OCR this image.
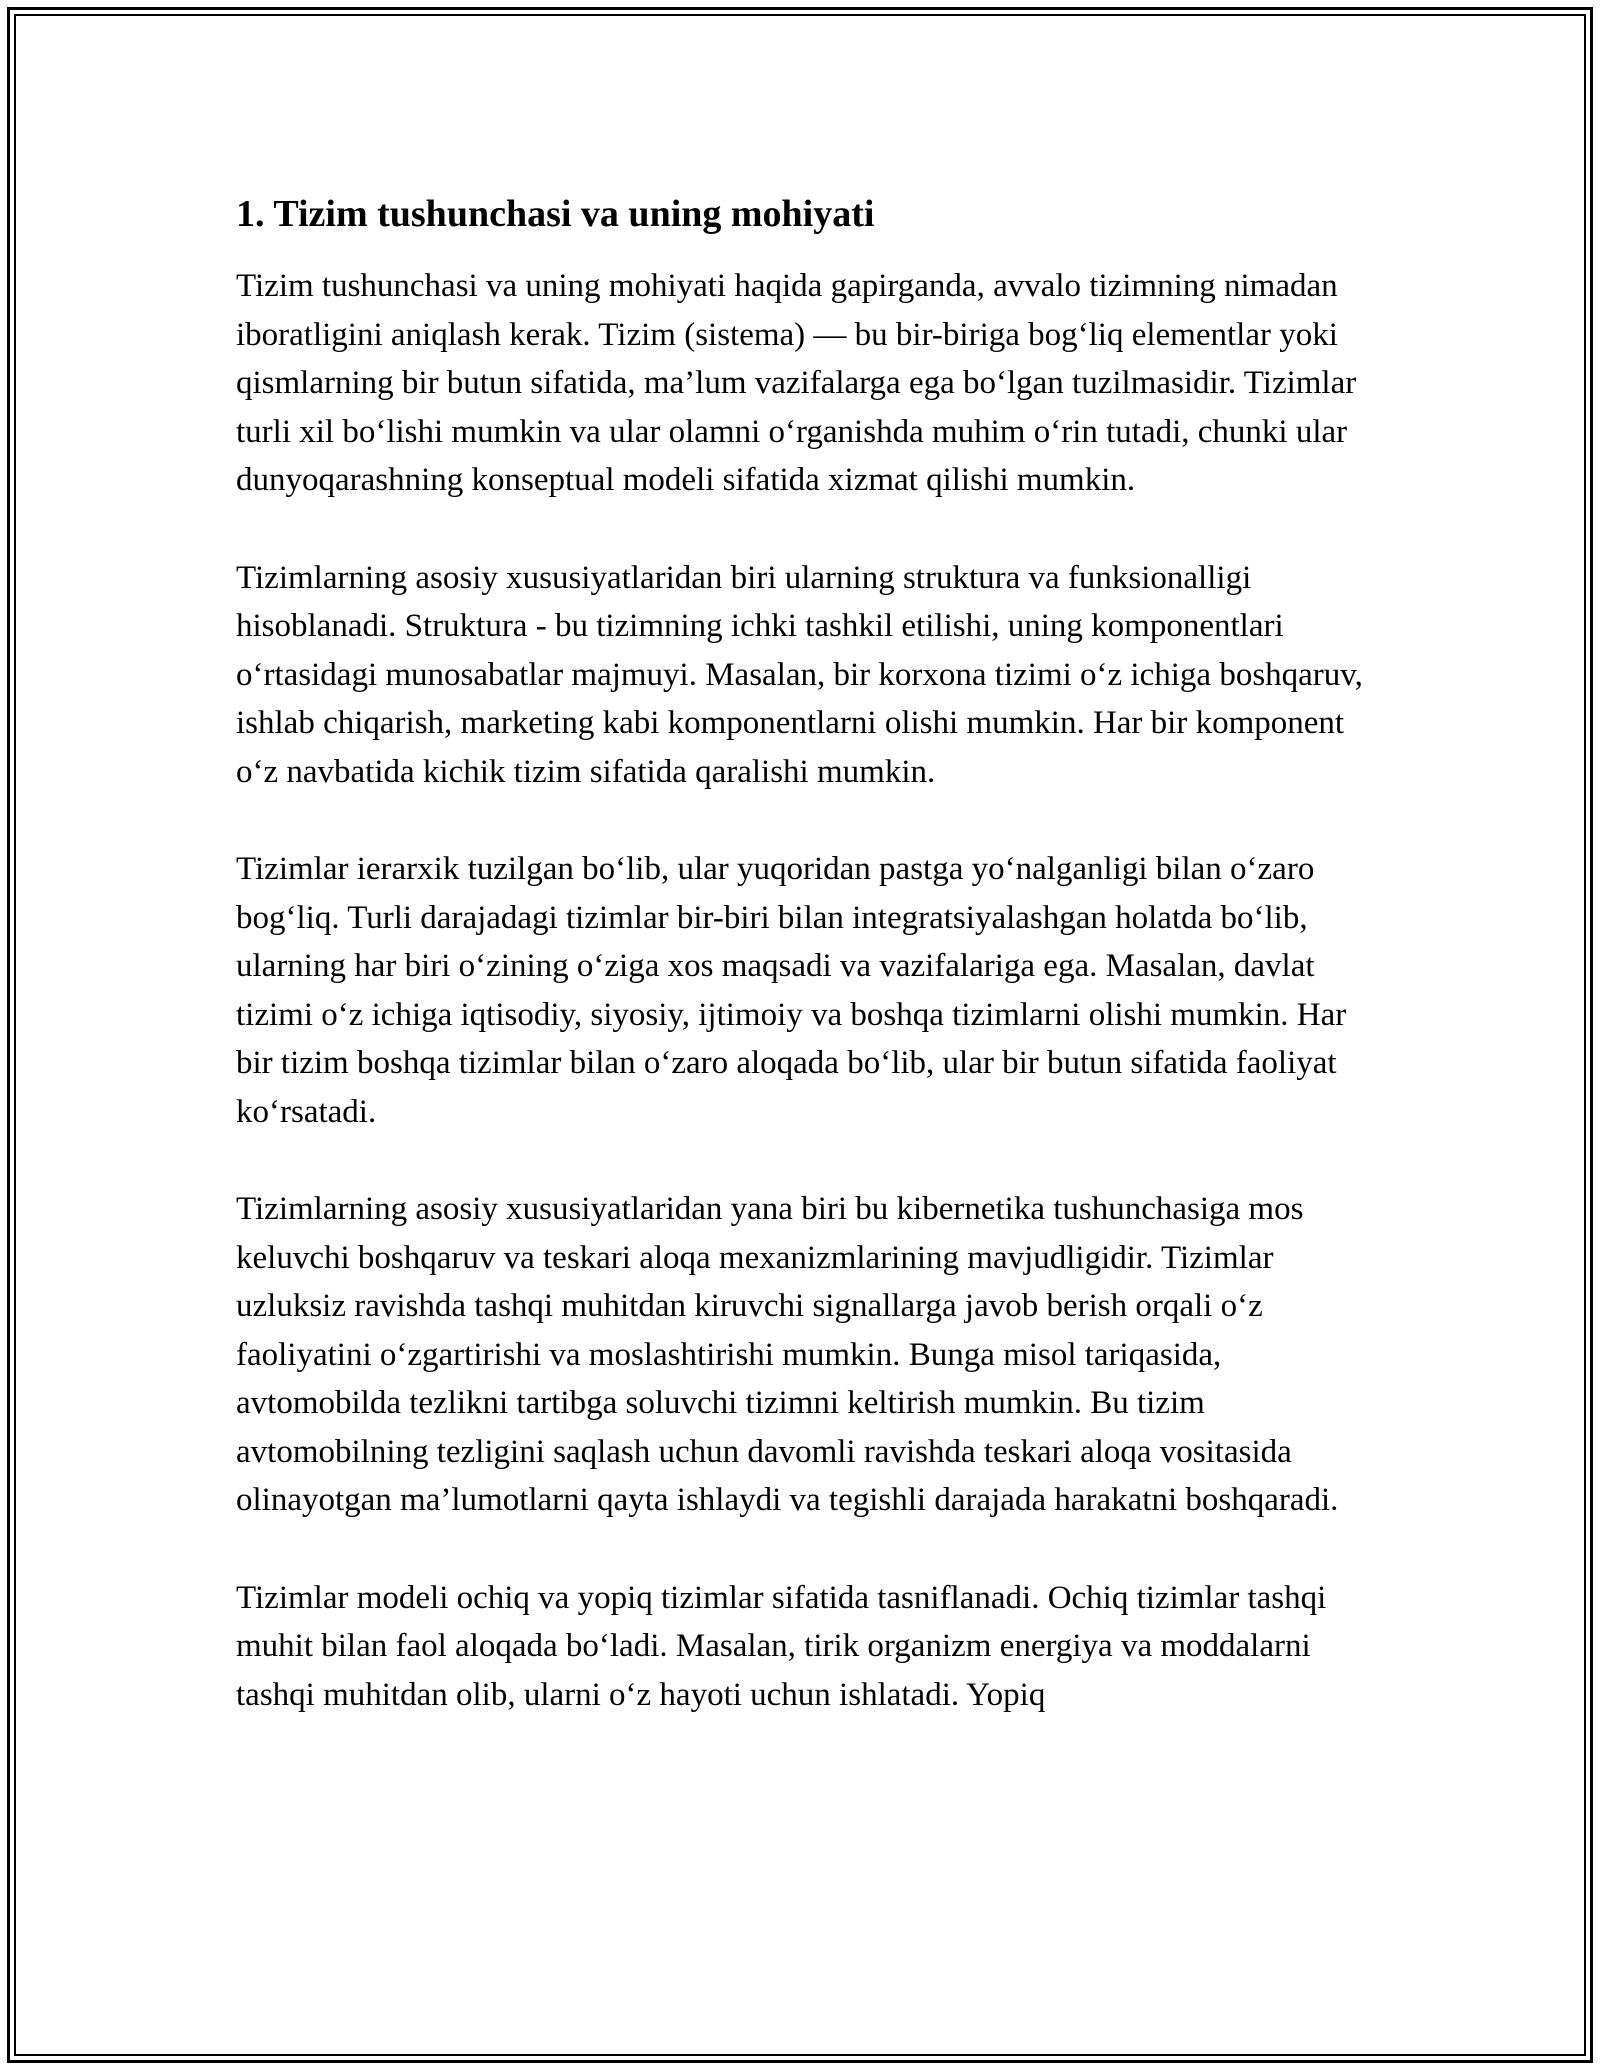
1. Tizim tushunchasi va uning mohiyati

Tizim tushunchasi va uning mohiyati haqida gapirganda, avvalo tizimning nimadan iboratligini aniqlash kerak. Tizim (sistema) — bu bir-biriga bog‘liq elementlar yoki qismlarning bir butun sifatida, ma’lum vazifalarga ega bo‘lgan tuzilmasidir. Tizimlar turli xil bo‘lishi mumkin va ular olamni o‘rganishda muhim o‘rin tutadi, chunki ular dunyoqarashning konseptual modeli sifatida xizmat qilishi mumkin.

Tizimlarning asosiy xususiyatlaridan biri ularning struktura va funksionalligi hisoblanadi. Struktura - bu tizimning ichki tashkil etilishi, uning komponentlari o‘rtasidagi munosabatlar majmuyi. Masalan, bir korxona tizimi o‘z ichiga boshqaruv, ishlab chiqarish, marketing kabi komponentlarni olishi mumkin. Har bir komponent o‘z navbatida kichik tizim sifatida qaralishi mumkin.

Tizimlar ierarxik tuzilgan bo‘lib, ular yuqoridan pastga yo‘nalganligi bilan o‘zaro bog‘liq. Turli darajadagi tizimlar bir-biri bilan integratsiyalashgan holatda bo‘lib, ularning har biri o‘zining o‘ziga xos maqsadi va vazifalariga ega. Masalan, davlat tizimi o‘z ichiga iqtisodiy, siyosiy, ijtimoiy va boshqa tizimlarni olishi mumkin. Har bir tizim boshqa tizimlar bilan o‘zaro aloqada bo‘lib, ular bir butun sifatida faoliyat ko‘rsatadi.

Tizimlarning asosiy xususiyatlaridan yana biri bu kibernetika tushunchasiga mos keluvchi boshqaruv va teskari aloqa mexanizmlarining mavjudligidir. Tizimlar uzluksiz ravishda tashqi muhitdan kiruvchi signallarga javob berish orqali o‘z faoliyatini o‘zgartirishi va moslashtirishi mumkin. Bunga misol tariqasida, avtomobilda tezlikni tartibga soluvchi tizimni keltirish mumkin. Bu tizim avtomobilning tezligini saqlash uchun davomli ravishda teskari aloqa vositasida olinayotgan ma’lumotlarni qayta ishlaydi va tegishli darajada harakatni boshqaradi.

Tizimlar modeli ochiq va yopiq tizimlar sifatida tasniflanadi. Ochiq tizimlar tashqi muhit bilan faol aloqada bo‘ladi. Masalan, tirik organizm energiya va moddalarni tashqi muhitdan olib, ularni o‘z hayoti uchun ishlatadi. Yopiq
